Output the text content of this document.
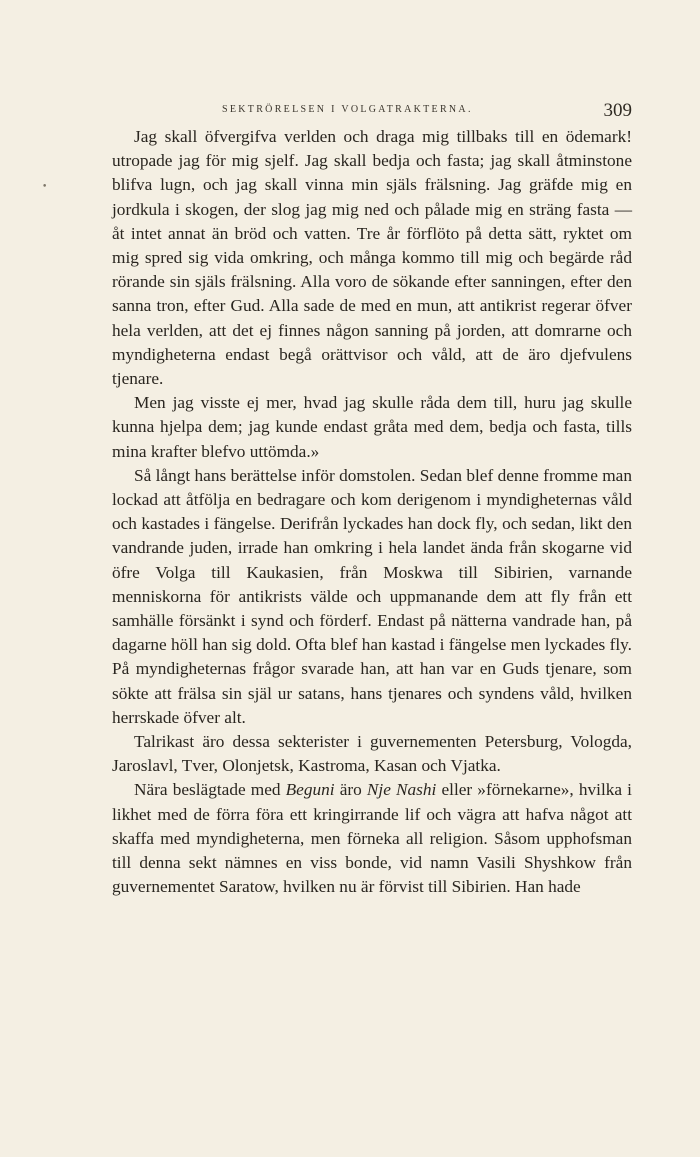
SEKTRÖRELSEN I VOLGATRAKTERNA.	309
•

Jag skall öfvergifva verlden och draga mig tillbaks till en ödemark! utropade jag för mig sjelf. Jag skall bedja och fasta; jag skall åtminstone blifva lugn, och jag skall vinna min själs frälsning. Jag gräfde mig en jordkula i skogen, der slog jag mig ned och pålade mig en sträng fasta — åt intet annat än bröd och vatten. Tre år förflöto på detta sätt, ryktet om mig spred sig vida omkring, och många kommo till mig och begärde råd rörande sin själs frälsning. Alla voro de sökande efter sanningen, efter den sanna tron, efter Gud. Alla sade de med en mun, att antikrist regerar öfver hela verlden, att det ej finnes någon sanning på jorden, att domrarne och myndigheterna endast begå orättvisor och våld, att de äro djefvulens tjenare.

Men jag visste ej mer, hvad jag skulle råda dem till, huru jag skulle kunna hjelpa dem; jag kunde endast gråta med dem, bedja och fasta, tills mina krafter blefvo uttömda.»

Så långt hans berättelse inför domstolen. Sedan blef denne fromme man lockad att åtfölja en bedragare och kom derigenom i myndigheternas våld och kastades i fängelse. Derifrån lyckades han dock fly, och sedan, likt den vandrande juden, irrade han omkring i hela landet ända från skogarne vid öfre Volga till Kaukasien, från Moskwa till Sibirien, varnande menniskorna för antikrists välde och uppmanande dem att fly från ett samhälle försänkt i synd och förderf. Endast på nätterna vandrade han, på dagarne höll han sig dold. Ofta blef han kastad i fängelse men lyckades fly. På myndigheternas frågor svarade han, att han var en Guds tjenare, som sökte att frälsa sin själ ur satans, hans tjenares och syndens våld, hvilken herrskade öfver alt.

Talrikast äro dessa sekterister i guvernementen Petersburg, Vologda, Jaroslavl, Tver, Olonjetsk, Kastroma, Kasan och Vjatka.

Nära beslägtade med Beguni äro Nje Nashi eller »förnekarne», hvilka i likhet med de förra föra ett kringirrande lif och vägra att hafva något att skaffa med myndigheterna, men förneka all religion. Såsom upphofsman till denna sekt nämnes en viss bonde, vid namn Vasili Shyshkow från guvernementet Saratow, hvilken nu är förvist till Sibirien. Han hade
